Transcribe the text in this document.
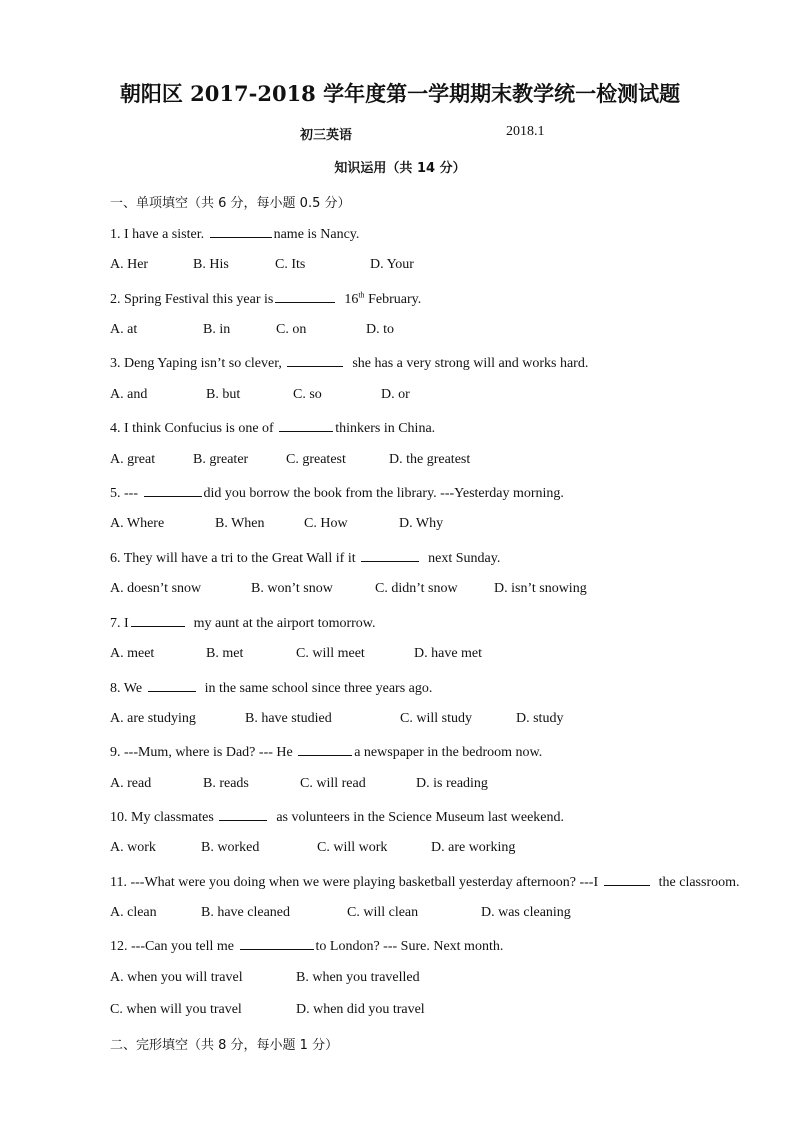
朝阳区 2017-2018 学年度第一学期期末教学统一检测试题
初三英语	2018.1
知识运用（共 14 分）
一、单项填空（共 6 分，每小题 0.5 分）
1. I have a sister.	name is Nancy.
A. Her	B. His	C. Its	D. Your
2. Spring Festival this year is	16th February.
A. at	B. in	C. on	D. to
3. Deng Yaping isn’t so clever,	she has a very strong will and works hard.
A. and	B. but	C. so	D. or
4. I think Confucius is one of	thinkers in China.
A. great	B. greater	C. greatest	D. the greatest
5. ---	did you borrow the book from the library. ---Yesterday morning.
A. Where	B. When	C. How	D. Why
6. They will have a tri to the Great Wall if it	next Sunday.
A. doesn’t snow	B. won’t snow	C. didn’t snow	D. isn’t snowing
7. I	my aunt at the airport tomorrow.
A. meet	B. met	C. will meet	D. have met
8. We	in the same school since three years ago.
A. are studying	B. have studied	C. will study	D. study
9. ---Mum, where is Dad? --- He	a newspaper in the bedroom now.
A. read	B. reads	C. will read	D. is reading
10. My classmates	as volunteers in the Science Museum last weekend.
A. work	B. worked	C. will work	D. are working
11. ---What were you doing when we were playing basketball yesterday afternoon? ---I	the classroom.
A. clean	B. have cleaned	C. will clean	D. was cleaning
12. ---Can you tell me	to London? --- Sure. Next month.
A. when you will travel	B. when you travelled
C. when will you travel	D. when did you travel
二、完形填空（共 8 分，每小题 1 分）
